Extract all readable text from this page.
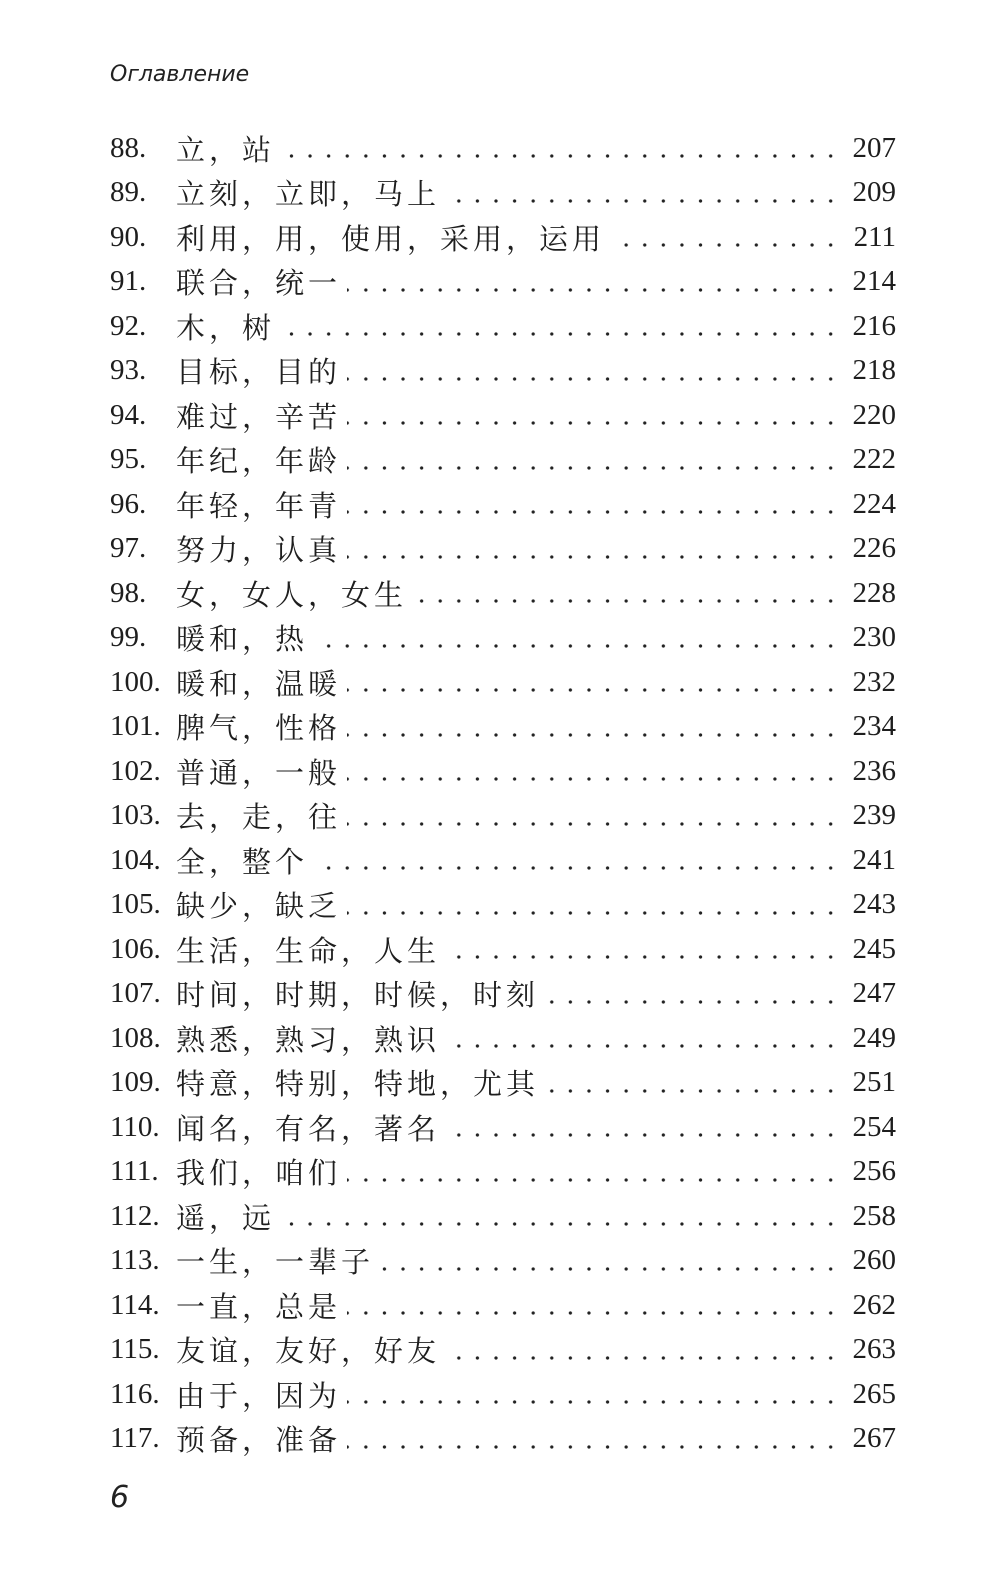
Оглавление
88.	立，站	207
89.	立刻，立即，马上	209
90.	利用，用，使用，采用，运用	211
91.	联合，统一	214
92.	木，树	216
93.	目标，目的	218
94.	难过，辛苦	220
95.	年纪，年龄	222
96.	年轻，年青	224
97.	努力，认真	226
98.	女，女人，女生	228
99.	暖和，热	230
100. 暖和，温暖	232
101. 脾气，性格	234
102. 普通，一般	236
103. 去，走，往	239
104. 全，整个	241
105. 缺少，缺乏	243
106. 生活，生命，人生	245
107. 时间，时期，时候，时刻	247
108. 熟悉，熟习，熟识	249
109. 特意，特别，特地，尤其	251
110. 闻名，有名，著名	254
111. 我们，咱们	256
112. 遥，远	258
113. 一生，一辈子	260
114. 一直，总是	262
115. 友谊，友好，好友	263
116. 由于，因为	265
117. 预备，准备	267
6
